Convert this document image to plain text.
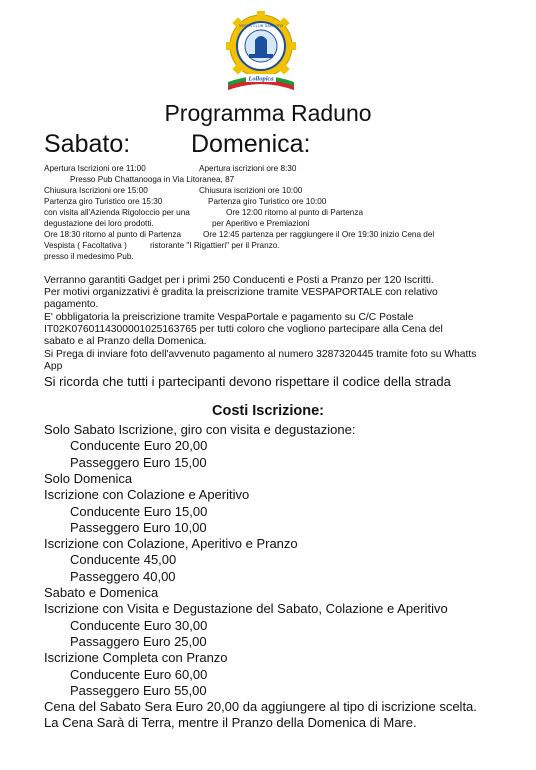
VESPA CLUB SAN VITO
Lollopica
Programma Raduno
Sabato: Domenica:
Apertura Iscrizioni ore 11:00	Apertura iscrizioni ore 8:30
Presso Pub Chattanooga in Via Litoranea, 87
Chiusura Iscrizioni ore 15:00	Chiusura iscrizioni ore 10:00
Partenza giro Turistico ore 15:30	Partenza giro Turistico ore 10:00
con visita all'Azienda Rigoloccio per una	Ore 12:00 ritorno al punto di Partenza
degustazione dei loro prodotti.	per Aperitivo e Premiazioni
Ore 18:30 ritorno al punto di Partenza	Ore 12:45 partenza per raggiungere il Ore 19:30 inizio Cena del
Vespista ( Facoltativa )	ristorante "I Rigattieri" per il Pranzo.
presso il medesimo Pub.
Verranno garantiti Gadget per i primi 250 Conducenti e Posti a Pranzo per 120 Iscritti.
Per motivi organizzativi è gradita la preiscrizione tramite VESPAPORTALE con relativo
pagamento.
E' obbligatoria la preiscrizione tramite VespaPortale e pagamento su C/C Postale
IT02K0760114300001025163765 per tutti coloro che vogliono partecipare alla Cena del
sabato e al Pranzo della Domenica.
Si Prega di inviare foto dell'avvenuto pagamento al numero 3287320445 tramite foto su Whatts
App
Si ricorda che tutti i partecipanti devono rispettare il codice della strada
Costi Iscrizione:
Solo Sabato Iscrizione, giro con visita e degustazione:
Conducente Euro 20,00
Passeggero Euro 15,00
Solo Domenica
Iscrizione con Colazione e Aperitivo
Conducente Euro 15,00
Passeggero Euro 10,00
Iscrizione con Colazione, Aperitivo e Pranzo
Conducente 45,00
Passeggero 40,00
Sabato e Domenica
Iscrizione con Visita e Degustazione del Sabato, Colazione e Aperitivo
Conducente Euro 30,00
Passaggero Euro 25,00
Iscrizione Completa con Pranzo
Conducente Euro 60,00
Passeggero Euro 55,00
Cena del Sabato Sera Euro 20,00 da aggiungere al tipo di iscrizione scelta.
La Cena Sarà di Terra, mentre il Pranzo della Domenica di Mare.
